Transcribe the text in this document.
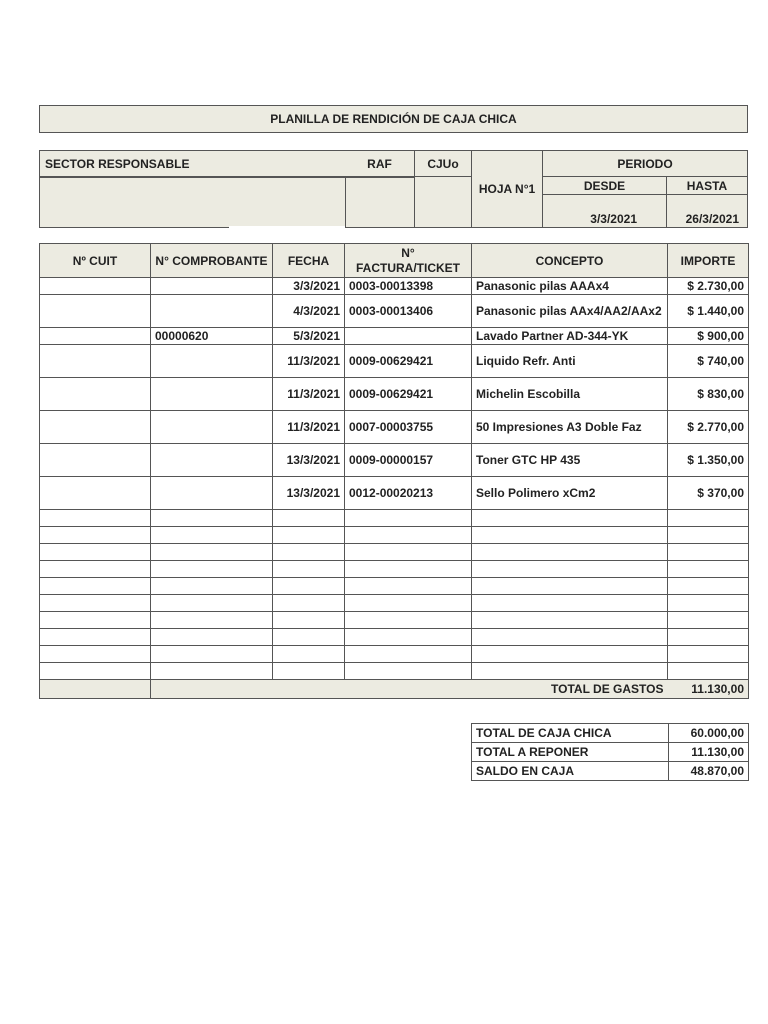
PLANILLA DE RENDICIÓN DE CAJA CHICA
SECTOR RESPONSABLE	RAF	CJUo
HOJA N°1
PERIODO
DESDE	HASTA
3/3/2021	26/3/2021
Nº CUIT	N° COMPROBANTE	FECHA	N°
FACTURA/TICKET	CONCEPTO	IMPORTE
		3/3/2021	0003-00013398	Panasonic pilas AAAx4	$ 2.730,00
		4/3/2021	0003-00013406	Panasonic pilas AAx4/AA2/AAx2	$ 1.440,00
	00000620	5/3/2021		Lavado Partner AD-344-YK	$ 900,00
		11/3/2021	0009-00629421	Liquido Refr. Anti	$ 740,00
		11/3/2021	0009-00629421	Michelin Escobilla	$ 830,00
		11/3/2021	0007-00003755	50 Impresiones A3 Doble Faz	$ 2.770,00
		13/3/2021	0009-00000157	Toner GTC HP 435	$ 1.350,00
		13/3/2021	0012-00020213	Sello Polimero xCm2	$ 370,00

	TOTAL DE GASTOS				11.130,00
TOTAL DE CAJA CHICA	60.000,00
TOTAL A REPONER	11.130,00
SALDO EN CAJA	48.870,00
